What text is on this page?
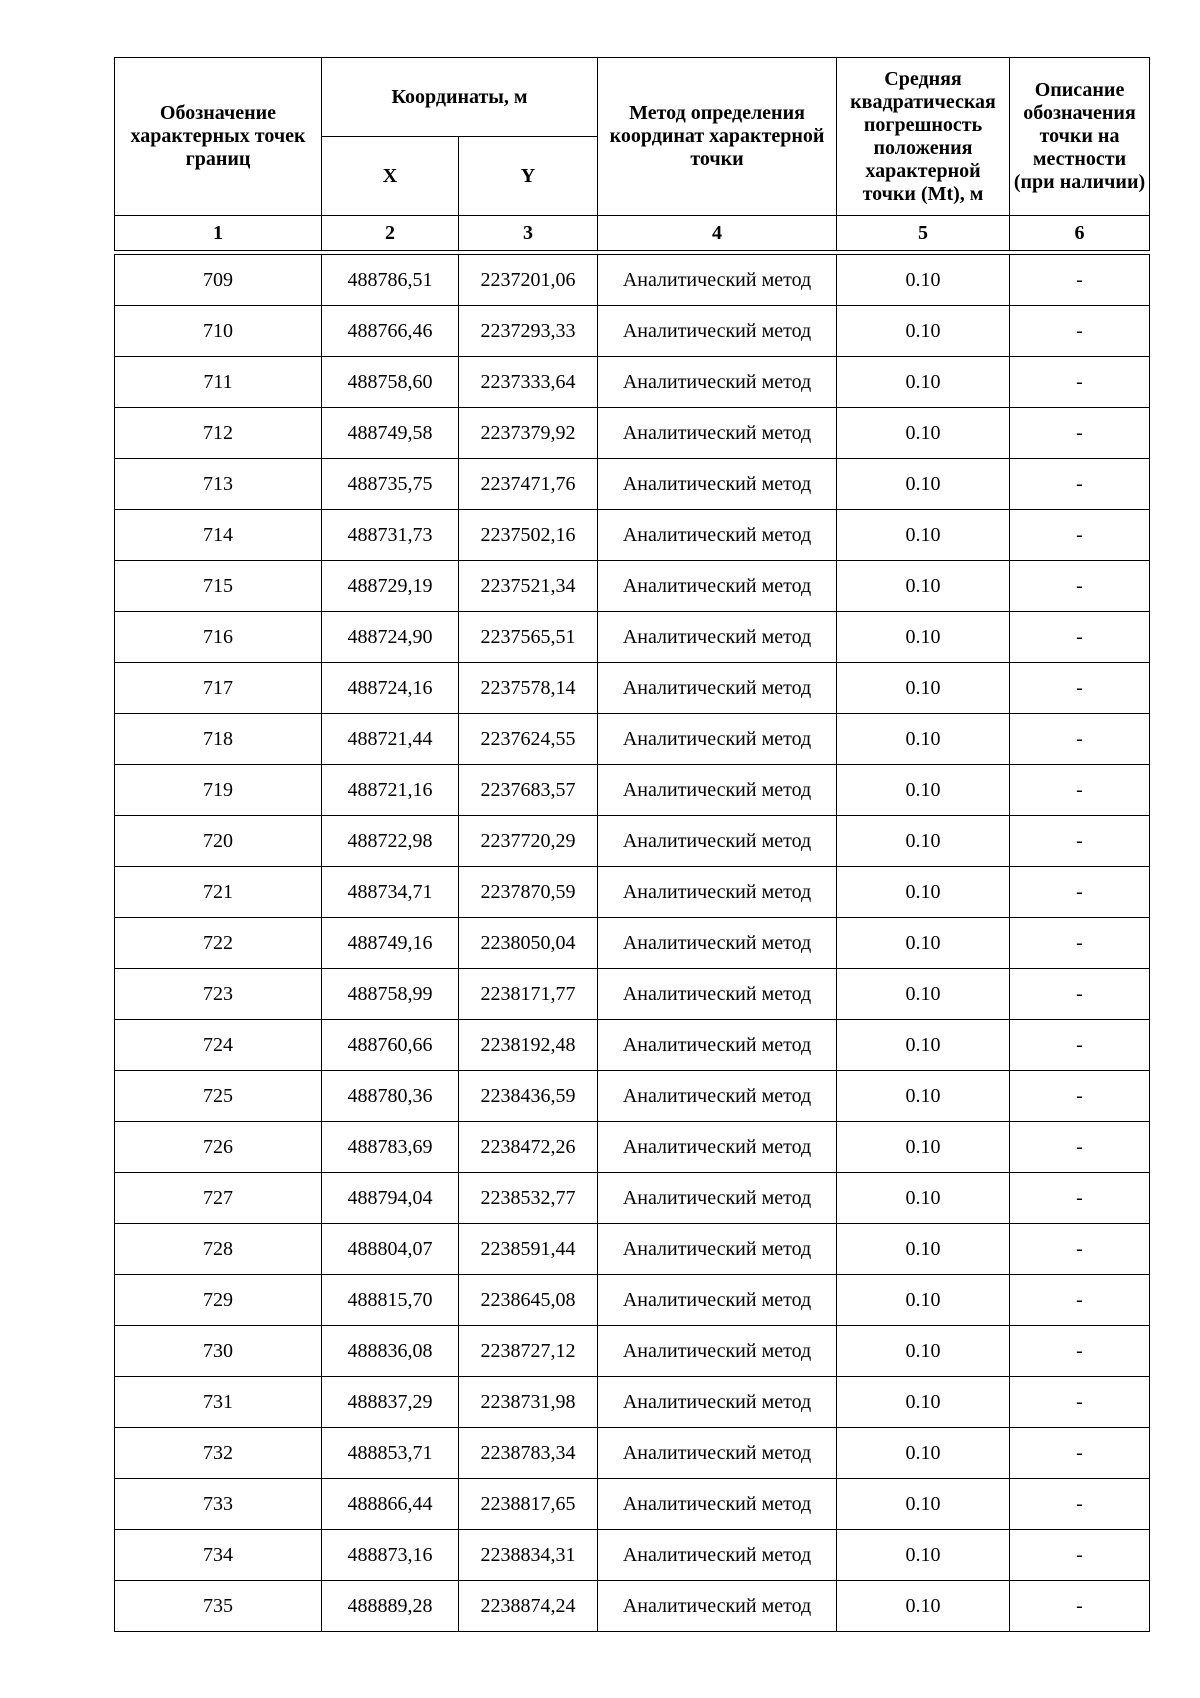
Обозначение характерных точек границ	Координаты, м		Метод определения координат характерной точки	Средняя квадратическая погрешность положения характерной точки (Mt), м	Описание обозначения точки на местности (при наличии)
	X	Y			
1	2	3	4	5	6
709	488786,51	2237201,06	Аналитический метод	0.10	-
710	488766,46	2237293,33	Аналитический метод	0.10	-
711	488758,60	2237333,64	Аналитический метод	0.10	-
712	488749,58	2237379,92	Аналитический метод	0.10	-
713	488735,75	2237471,76	Аналитический метод	0.10	-
714	488731,73	2237502,16	Аналитический метод	0.10	-
715	488729,19	2237521,34	Аналитический метод	0.10	-
716	488724,90	2237565,51	Аналитический метод	0.10	-
717	488724,16	2237578,14	Аналитический метод	0.10	-
718	488721,44	2237624,55	Аналитический метод	0.10	-
719	488721,16	2237683,57	Аналитический метод	0.10	-
720	488722,98	2237720,29	Аналитический метод	0.10	-
721	488734,71	2237870,59	Аналитический метод	0.10	-
722	488749,16	2238050,04	Аналитический метод	0.10	-
723	488758,99	2238171,77	Аналитический метод	0.10	-
724	488760,66	2238192,48	Аналитический метод	0.10	-
725	488780,36	2238436,59	Аналитический метод	0.10	-
726	488783,69	2238472,26	Аналитический метод	0.10	-
727	488794,04	2238532,77	Аналитический метод	0.10	-
728	488804,07	2238591,44	Аналитический метод	0.10	-
729	488815,70	2238645,08	Аналитический метод	0.10	-
730	488836,08	2238727,12	Аналитический метод	0.10	-
731	488837,29	2238731,98	Аналитический метод	0.10	-
732	488853,71	2238783,34	Аналитический метод	0.10	-
733	488866,44	2238817,65	Аналитический метод	0.10	-
734	488873,16	2238834,31	Аналитический метод	0.10	-
735	488889,28	2238874,24	Аналитический метод	0.10	-
